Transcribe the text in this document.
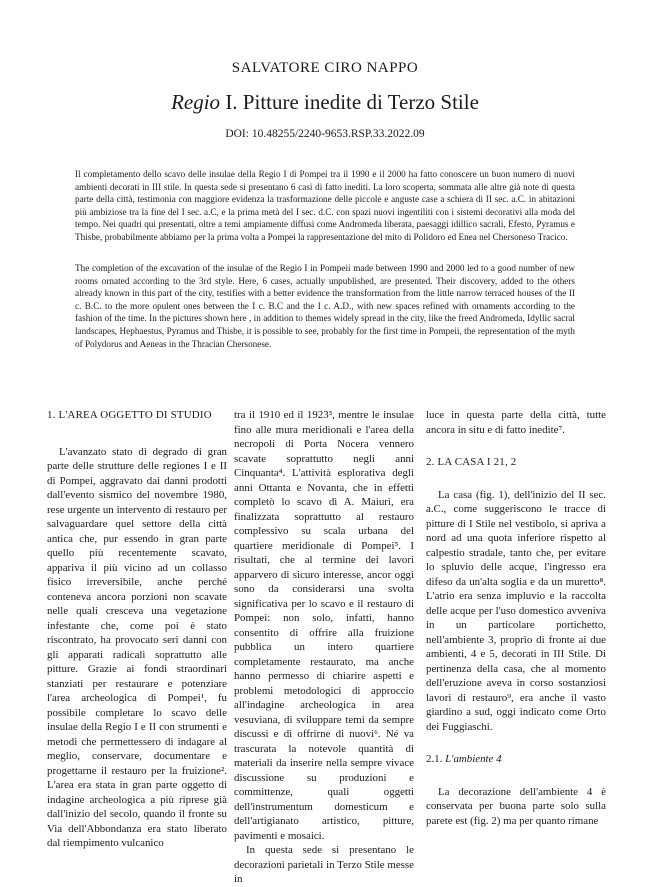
SALVATORE CIRO NAPPO
Regio I. Pitture inedite di Terzo Stile
DOI: 10.48255/2240-9653.RSP.33.2022.09
Il completamento dello scavo delle insulae della Regio I di Pompei tra il 1990 e il 2000 ha fatto conoscere un buon numero di nuovi ambienti decorati in III stile. In questa sede si presentano 6 casi di fatto inediti. La loro scoperta, sommata alle altre già note di questa parte della città, testimonia con maggiore evidenza la trasformazione delle piccole e anguste case a schiera di II sec. a.C. in abitazioni più ambiziose tra la fine del I sec. a.C, e la prima metà del I sec. d.C. con spazi nuovi ingentiliti con i sistemi decorativi alla moda del tempo. Nei quadri qui presentati, oltre a temi ampiamente diffusi come Andromeda liberata, paesaggi idillico sacrali, Efesto, Pyramus e Thisbe, probabilmente abbiamo per la prima volta a Pompei la rappresentazione del mito di Polidoro ed Enea nel Chersoneso Tracico.
The completion of the excavation of the insulae of the Regio I in Pompeii made between 1990 and 2000 led to a good number of new rooms ornated according to the 3rd style. Here, 6 cases, actually unpublished, are presented. Their discovery, added to the others already known in this part of the city, testifies with a better evidence the transformation from the little narrow terraced houses of the II c. B.C. to the more opulent ones between the I c. B.C and the I c. A.D., with new spaces refined with ornaments according to the fashion of the time. In the pictures shown here , in addition to themes widely spread in the city, like the freed Andromeda, Idyllic sacral landscapes, Hephaestus, Pyramus and Thisbe, it is possible to see, probably for the first time in Pompeii, the representation of the myth of Polydorus and Aeneas in the Thracian Chersonese.

1. L'AREA OGGETTO DI STUDIO

L'avanzato stato di degrado di gran parte delle strutture delle regiones I e II di Pompei, aggravato dai danni prodotti dall'evento sismico del novembre 1980, rese urgente un intervento di restauro per salvaguardare quel settore della città antica che, pur essendo in gran parte quello più recentemente scavato, appariva il più vicino ad un collasso fisico irreversibile, anche perché conteneva ancora porzioni non scavate nelle quali cresceva una vegetazione infestante che, come poi è stato riscontrato, ha provocato seri danni con gli apparati radicali soprattutto alle pitture. Grazie ai fondi straordinari stanziati per restaurare e potenziare l'area archeologica di Pompei¹, fu possibile completare lo scavo delle insulae della Regio I e II con strumenti e metodi che permettessero di indagare al meglio, conservare, documentare e progettarne il restauro per la fruizione². L'area era stata in gran parte oggetto di indagine archeologica a più riprese già dall'inizio del secolo, quando il fronte su Via dell'Abbondanza era stato liberato dal riempimento vulcanico

tra il 1910 ed il 1923³, mentre le insulae fino alle mura meridionali e l'area della necropoli di Porta Nocera vennero scavate soprattutto negli anni Cinquanta⁴. L'attività esplorativa degli anni Ottanta e Novanta, che in effetti completò lo scavo di A. Maiuri, era finalizzata soprattutto al restauro complessivo su scala urbana del quartiere meridionale di Pompei⁵. I risultati, che al termine dei lavori apparvero di sicuro interesse, ancor oggi sono da considerarsi una svolta significativa per lo scavo e il restauro di Pompei: non solo, infatti, hanno consentito di offrire alla fruizione pubblica un intero quartiere completamente restaurato, ma anche hanno permesso di chiarire aspetti e problemi metodologici di approccio all'indagine archeologica in area vesuviana, di sviluppare temi da sempre discussi e di offrirne di nuovi⁶. Né va trascurata la notevole quantità di materiali da inserire nella sempre vivace discussione su produzioni e committenze, quali oggetti dell'instrumentum domesticum e dell'artigianato artistico, pitture, pavimenti e mosaici.

In questa sede si presentano le decorazioni parietali in Terzo Stile messe in

luce in questa parte della città, tutte ancora in situ e di fatto inedite⁷.

2. LA CASA I 21, 2

La casa (fig. 1), dell'inizio del II sec. a.C., come suggeriscono le tracce di pitture di I Stile nel vestibolo, si apriva a nord ad una quota inferiore rispetto al calpestio stradale, tanto che, per evitare lo spluvio delle acque, l'ingresso era difeso da un'alta soglia e da un muretto⁸. L'atrio era senza impluvio e la raccolta delle acque per l'uso domestico avveniva in un particolare portichetto, nell'ambiente 3, proprio di fronte ai due ambienti, 4 e 5, decorati in III Stile. Di pertinenza della casa, che al momento dell'eruzione aveva in corso sostanziosi lavori di restauro⁹, era anche il vasto giardino a sud, oggi indicato come Orto dei Fuggiaschi.

2.1. L'ambiente 4

La decorazione dell'ambiente 4 è conservata per buona parte solo sulla parete est (fig. 2) ma per quanto rimane
